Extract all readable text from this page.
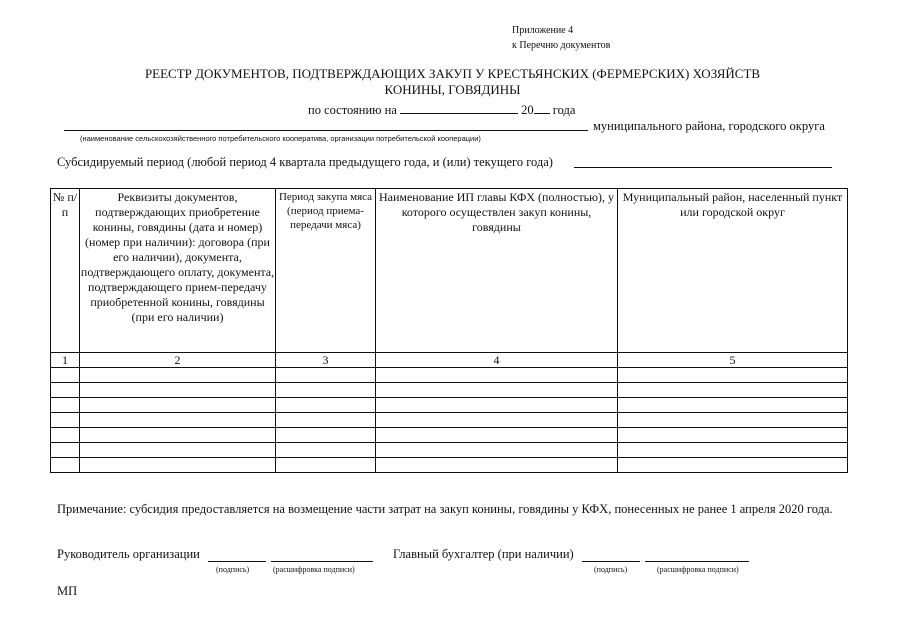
Приложение 4
к Перечню документов
РЕЕСТР ДОКУМЕНТОВ, ПОДТВЕРЖДАЮЩИХ ЗАКУП У КРЕСТЬЯНСКИХ (ФЕРМЕРСКИХ) ХОЗЯЙСТВ
КОНИНЫ, ГОВЯДИНЫ
по состоянию на	20 года
(наименование сельскохозяйственного потребительского кооператива, организации потребительской кооперации)
муниципального района, городского округа
Субсидируемый период (любой период 4 квартала предыдущего года, и (или) текущего года)
№ п/п	Реквизиты документов, подтверждающих приобретение конины, говядины (дата и номер) (номер при наличии): договора (при его наличии), документа, подтверждающего оплату, документа, подтверждающего прием-передачу приобретенной конины, говядины (при его наличии)	Период закупа мяса (период приема-передачи мяса)	Наименование ИП главы КФХ (полностью), у которого осуществлен закуп конины, говядины	Муниципальный район, населенный пункт или городской округ
1	2	3	4	5

Примечание: субсидия предоставляется на возмещение части затрат на закуп конины, говядины у КФХ, понесенных не ранее 1 апреля 2020 года.
Руководитель организации
(подпись)	(расшифровка подписи)
Главный бухгалтер (при наличии)
(подпись)	(расшифровка подписи)
МП
